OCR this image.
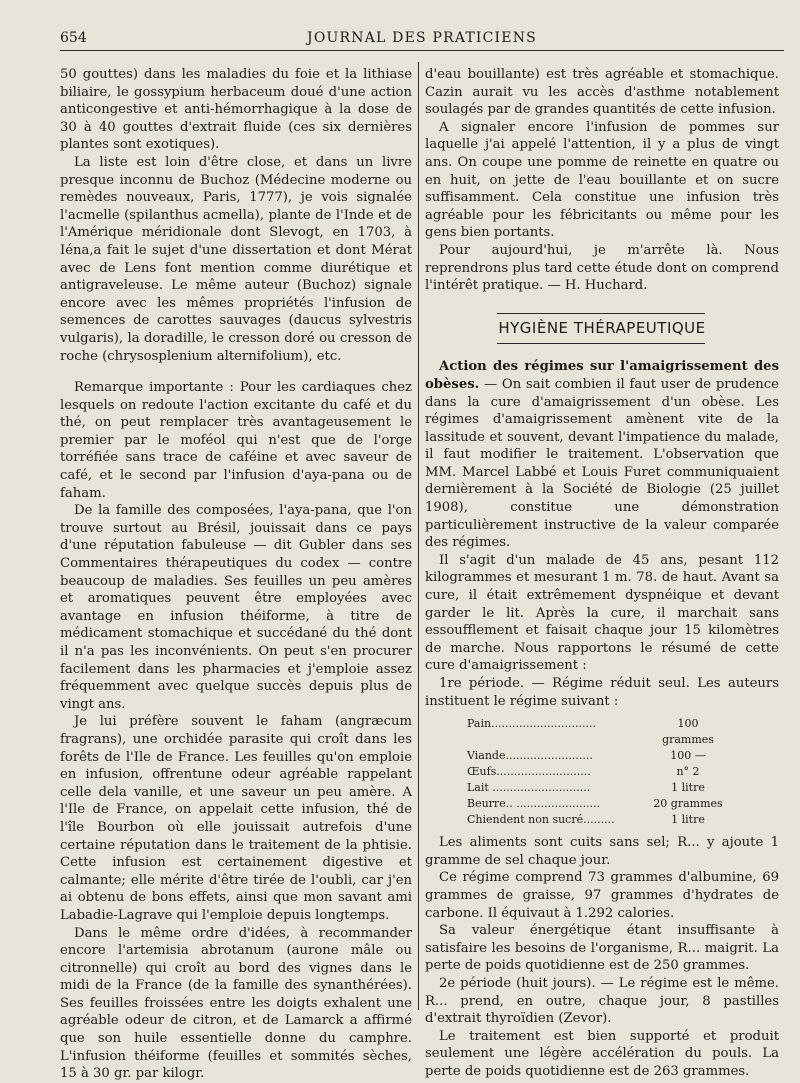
654	JOURNAL DES PRATICIENS

50 gouttes) dans les maladies du foie et la lithiase biliaire, le gossypium herbaceum doué d'une action anticongestive et anti-hémorrhagique à la dose de 30 à 40 gouttes d'extrait fluide (ces six dernières plantes sont exotiques).

La liste est loin d'être close, et dans un livre presque inconnu de Buchoz (Médecine moderne ou remèdes nouveaux, Paris, 1777), je vois signalée l'acmelle (spilanthus acmella), plante de l'Inde et de l'Amérique méridionale dont Slevogt, en 1703, à Iéna,a fait le sujet d'une dissertation et dont Mérat avec de Lens font mention comme diurétique et antigraveleuse. Le même auteur (Buchoz) signale encore avec les mêmes propriétés l'infusion de semences de carottes sauvages (daucus sylvestris vulgaris), la doradille, le cresson doré ou cresson de roche (chrysosplenium alternifolium), etc.

Remarque importante : Pour les cardiaques chez lesquels on redoute l'action excitante du café et du thé, on peut remplacer très avantageusement le premier par le moféol qui n'est que de l'orge torréfiée sans trace de caféine et avec saveur de café, et le second par l'infusion d'aya-pana ou de faham.

De la famille des composées, l'aya-pana, que l'on trouve surtout au Brésil, jouissait dans ce pays d'une réputation fabuleuse — dit Gubler dans ses Commentaires thérapeutiques du codex — contre beaucoup de maladies. Ses feuilles un peu amères et aromatiques peuvent être employées avec avantage en infusion théiforme, à titre de médicament stomachique et succédané du thé dont il n'a pas les inconvénients. On peut s'en procurer facilement dans les pharmacies et j'emploie assez fréquemment avec quelque succès depuis plus de vingt ans.

Je lui préfère souvent le faham (angræcum fragrans), une orchidée parasite qui croît dans les forêts de l'Ile de France. Les feuilles qu'on emploie en infusion, offrentune odeur agréable rappelant celle dela vanille, et une saveur un peu amère. A l'Ile de France, on appelait cette infusion, thé de l'île Bourbon où elle jouissait autrefois d'une certaine réputation dans le traitement de la phtisie. Cette infusion est certainement digestive et calmante; elle mérite d'être tirée de l'oubli, car j'en ai obtenu de bons effets, ainsi que mon savant ami Labadie-Lagrave qui l'emploie depuis longtemps.

Dans le même ordre d'idées, à recommander encore l'artemisia abrotanum (aurone mâle ou citronnelle) qui croît au bord des vignes dans le midi de la France (de la famille des synanthérées). Ses feuilles froissées entre les doigts exhalent une agréable odeur de citron, et de Lamarck a affirmé que son huile essentielle donne du camphre. L'infusion théiforme (feuilles et sommités sèches, 15 à 30 gr. par kilogr.

d'eau bouillante) est très agréable et stomachique. Cazin aurait vu les accès d'asthme notablement soulagés par de grandes quantités de cette infusion.

A signaler encore l'infusion de pommes sur laquelle j'ai appelé l'attention, il y a plus de vingt ans. On coupe une pomme de reinette en quatre ou en huit, on jette de l'eau bouillante et on sucre suffisamment. Cela constitue une infusion très agréable pour les fébricitants ou même pour les gens bien portants.

Pour aujourd'hui, je m'arrête là. Nous reprendrons plus tard cette étude dont on comprend l'intérêt pratique. — H. Huchard.

HYGIÈNE THÉRAPEUTIQUE

Action des régimes sur l'amaigrissement des obèses. — On sait combien il faut user de prudence dans la cure d'amaigrissement d'un obèse. Les régimes d'amaigrissement amènent vite de la lassitude et souvent, devant l'impatience du malade, il faut modifier le traitement. L'observation que MM. Marcel Labbé et Louis Furet communiquaient dernièrement à la Société de Biologie (25 juillet 1908), constitue une démonstration particulièrement instructive de la valeur comparée des régimes.

Il s'agit d'un malade de 45 ans, pesant 112 kilogrammes et mesurant 1 m. 78. de haut. Avant sa cure, il était extrêmement dyspnéique et devant garder le lit. Après la cure, il marchait sans essoufflement et faisait chaque jour 15 kilomètres de marche. Nous rapportons le résumé de cette cure d'amaigrissement :

1re période. — Régime réduit seul. Les auteurs instituent le régime suivant :

Pain..............................	100 grammes
Viande.........................	100 —
Œufs...........................	n° 2
Lait ............................	1 litre
Beurre.. ........................	20 grammes
Chiendent non sucré.........	1 litre

Les aliments sont cuits sans sel; R... y ajoute 1 gramme de sel chaque jour.

Ce régime comprend 73 grammes d'albumine, 69 grammes de graisse, 97 grammes d'hydrates de carbone. Il équivaut à 1.292 calories.

Sa valeur énergétique étant insuffisante à satisfaire les besoins de l'organisme, R... maigrit. La perte de poids quotidienne est de 250 grammes.

2e période (huit jours). — Le régime est le même. R... prend, en outre, chaque jour, 8 pastilles d'extrait thyroïdien (Zevor).

Le traitement est bien supporté et produit seulement une légère accélération du pouls. La perte de poids quotidienne est de 263 grammes.
